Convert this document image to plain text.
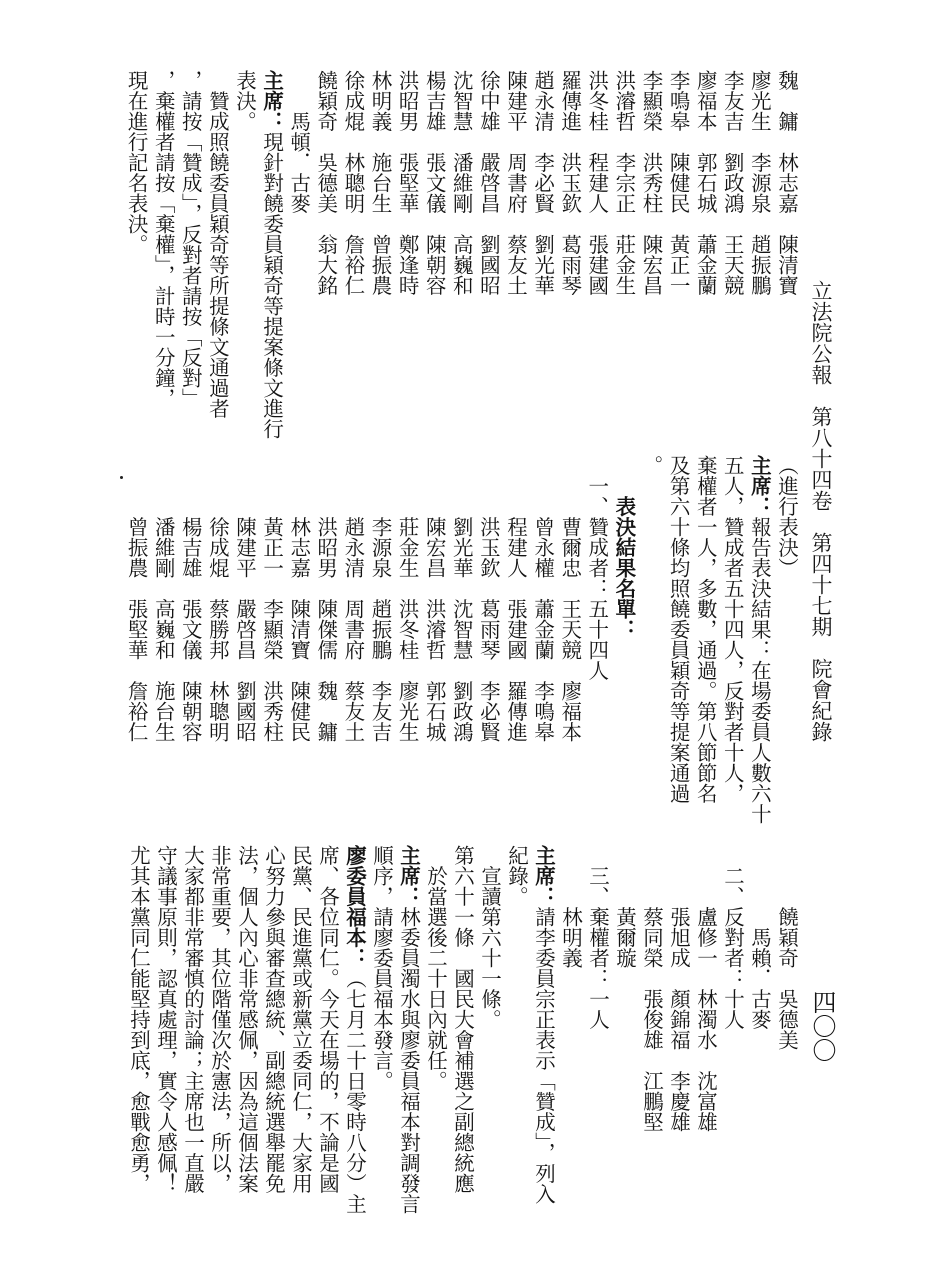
立法院公報　第八十四卷　第四十七期　院會紀錄
四〇〇
魏　鏞　林志嘉　陳清寶
廖光生　李源泉　趙振鵬
李友吉　劉政鴻　王天競
廖福本　郭石城　蕭金蘭
李鳴皋　陳健民　黃正一
李顯榮　洪秀柱　陳宏昌
洪濬哲　李宗正　莊金生
洪冬桂　程建人　張建國
羅傳進　洪玉欽　葛雨琴
趙永清　李必賢　劉光華
陳建平　周書府　蔡友土
徐中雄　嚴啓昌　劉國昭
沈智慧　潘維剛　高巍和
楊吉雄　張文儀　陳朝容
洪昭男　張堅華　鄭逢時
林明義　施台生　曾振農
徐成焜　林聰明　詹裕仁
饒穎奇　吳德美　翁大銘
　　馬頓．古麥
主席：現針對饒委員穎奇等提案條文進行
表決。
　贊成照饒委員穎奇等所提條文通過者
，請按「贊成」，反對者請按「反對」
，棄權者請按「棄權」，計時一分鐘，
現在進行記名表決。
（進行表決）
主席：報告表決結果：在場委員人數六十
五人，贊成者五十四人，反對者十人，
棄權者一人，多數，通過。第八節節名
及第六十條均照饒委員穎奇等提案通過
。
　　表決結果名單：
　一、贊成者：五十四人
　　　曹爾忠　王天競　廖福本
　　　曾永權　蕭金蘭　李鳴皋
　　　程建人　張建國　羅傳進
　　　洪玉欽　葛雨琴　李必賢
　　　劉光華　沈智慧　劉政鴻
　　　陳宏昌　洪濬哲　郭石城
　　　莊金生　洪冬桂　廖光生
　　　李源泉　趙振鵬　李友吉
　　　趙永清　周書府　蔡友土
　　　洪昭男　陳傑儒　魏　鏞
　　　林志嘉　陳清寶　陳健民
　　　黃正一　李顯榮　洪秀柱
　　　陳建平　嚴啓昌　劉國昭
　　　徐成焜　蔡勝邦　林聰明
　　　楊吉雄　張文儀　陳朝容
　　　潘維剛　高巍和　施台生
　　　曾振農　張堅華　詹裕仁
　　　饒穎奇　吳德美
　　　　馬賴．古麥
　二、反對者：十人
　　　盧修一　林濁水　沈富雄
　　　張旭成　顏錦福　李慶雄
　　　蔡同榮　張俊雄　江鵬堅
　　　黃爾璇
　三、棄權者：一人
　　　林明義
主席：請李委員宗正表示「贊成」，列入
紀錄。
　宣讀第六十一條。
第六十一條　國民大會補選之副總統應
　於當選後二十日內就任。
主席：林委員濁水與廖委員福本對調發言
順序，請廖委員福本發言。
廖委員福本：（七月二十日零時八分）主
席、各位同仁。今天在場的，不論是國
民黨、民進黨或新黨立委同仁，大家用
心努力參與審查總統、副總統選舉罷免
法，個人內心非常感佩，因為這個法案
非常重要，其位階僅次於憲法，所以，
大家都非常審慎的討論；主席也一直嚴
守議事原則，認真處理，實令人感佩！
尤其本黨同仁能堅持到底，愈戰愈勇，
